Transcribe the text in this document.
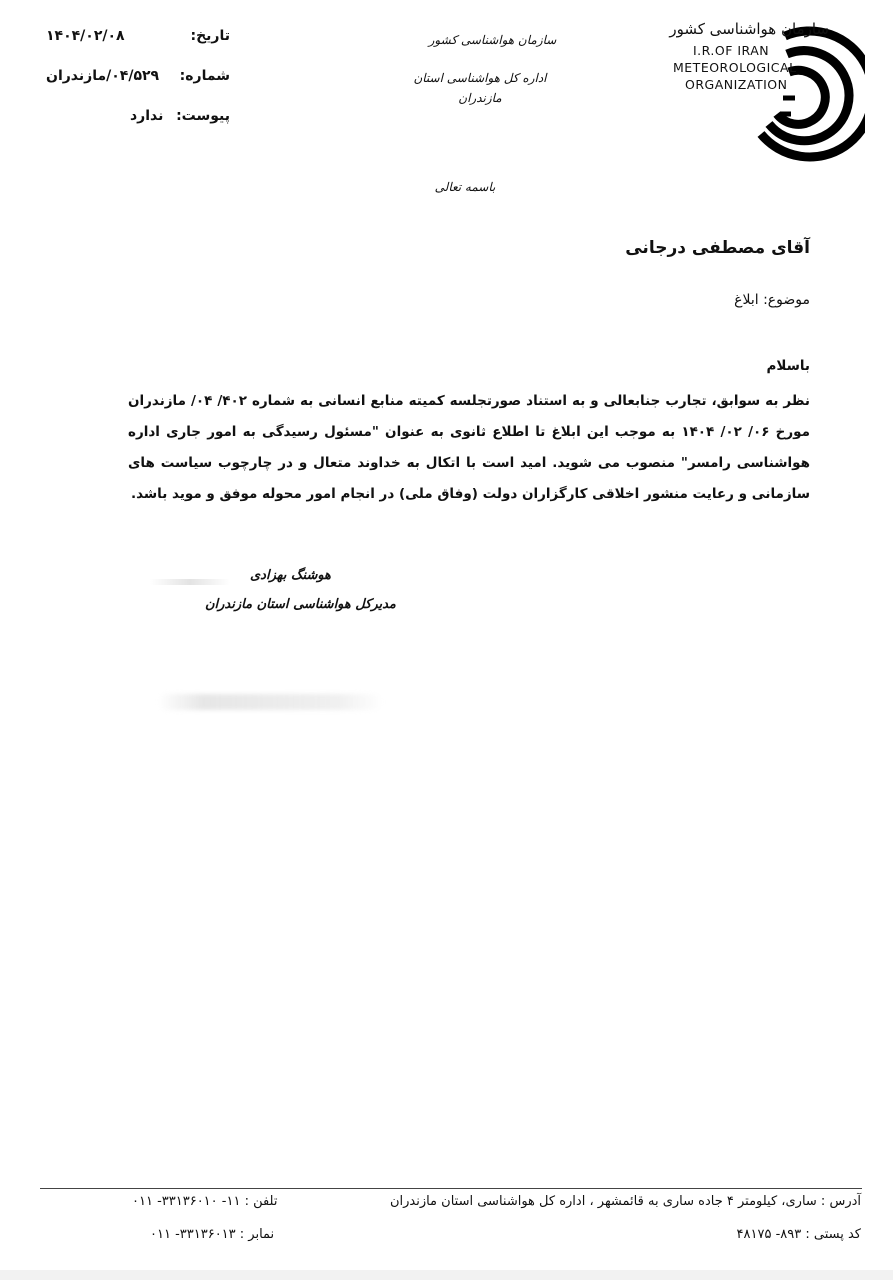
سازمان هواشناسی کشور
I.R.OF IRAN
METEOROLOGICAL
ORGANIZATION
سازمان هواشناسی کشور
اداره کل هواشناسی استان مازندران
تاریخ:
۱۴۰۴/۰۲/۰۸
شماره:
۰۴/۵۲۹/مازندران
پیوست:
ندارد
باسمه تعالی
آقای مصطفی درجانی
موضوع: ابلاغ
باسلام
نظر به سوابق، تجارب جنابعالی و به استناد صورتجلسه کمیته منابع انسانی به شماره ۴۰۲/ ۰۴/ مازندران مورخ ۰۶/ ۰۲/ ۱۴۰۴ به موجب این ابلاغ تا اطلاع ثانوی به عنوان "مسئول رسیدگی به امور جاری اداره هواشناسی رامسر" منصوب می شوید. امید است با اتکال به خداوند متعال و در چارچوب سیاست های سازمانی و رعایت منشور اخلاقی کارگزاران دولت (وفاق ملی) در انجام امور محوله موفق و موید باشد.
هوشنگ بهزادی
مدیرکل هواشناسی استان مازندران
آدرس : ساری، کیلومتر ۴ جاده ساری به قائمشهر ، اداره کل هواشناسی استان مازندران
کد پستی : ۸۹۳- ۴۸۱۷۵
تلفن : ۱۱- ۳۳۱۳۶۰۱۰- ۰۱۱
نمابر : ۳۳۱۳۶۰۱۳- ۰۱۱
